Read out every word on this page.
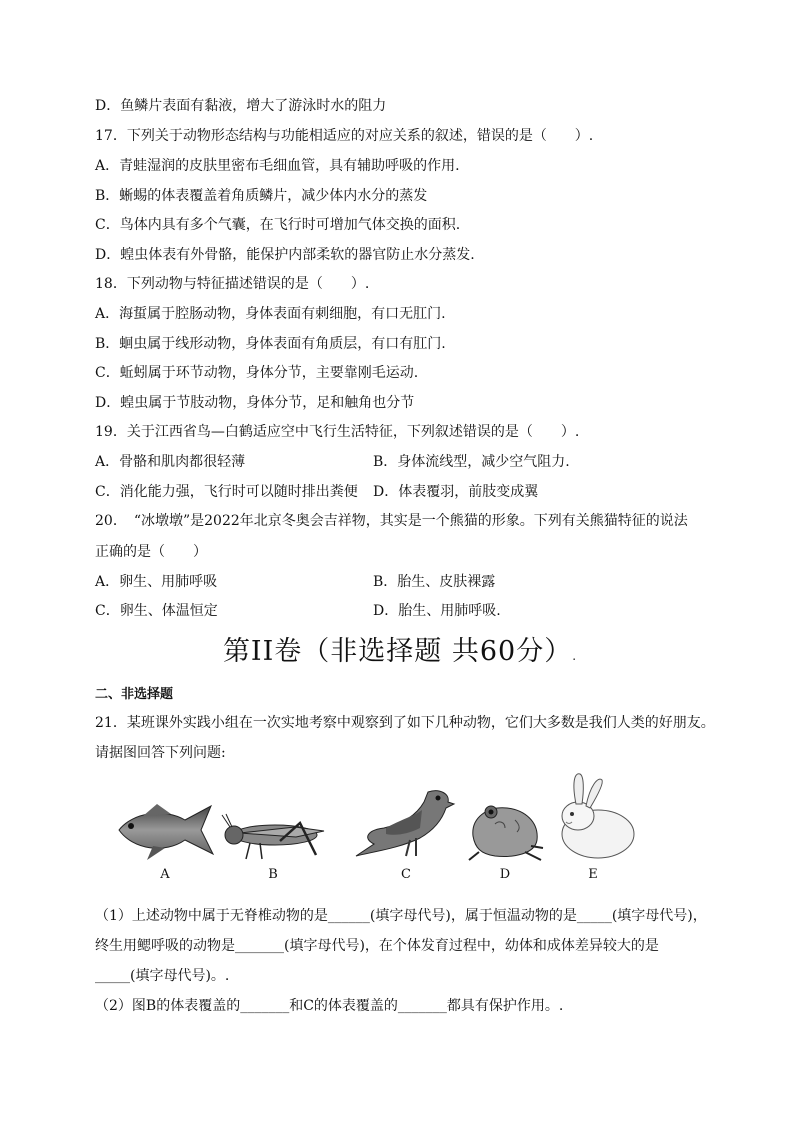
D．鱼鳞片表面有黏液，增大了游泳时水的阻力
17．下列关于动物形态结构与功能相适应的对应关系的叙述，错误的是（　　）.
A．青蛙湿润的皮肤里密布毛细血管，具有辅助呼吸的作用.
B．蜥蜴的体表覆盖着角质鳞片，减少体内水分的蒸发
C．鸟体内具有多个气囊，在飞行时可增加气体交换的面积.
D．蝗虫体表有外骨骼，能保护内部柔软的器官防止水分蒸发.
18．下列动物与特征描述错误的是（　　）.
A．海蜇属于腔肠动物，身体表面有刺细胞，有口无肛门.
B．蛔虫属于线形动物，身体表面有角质层，有口有肛门.
C．蚯蚓属于环节动物，身体分节，主要靠刚毛运动.
D．蝗虫属于节肢动物，身体分节，足和触角也分节
19．关于江西省鸟—白鹤适应空中飞行生活特征，下列叙述错误的是（　　）.
A．骨骼和肌肉都很轻薄	B．身体流线型，减少空气阻力.
C．消化能力强，飞行时可以随时排出粪便 D．体表覆羽，前肢变成翼
20．　“冰墩墩”是2022年北京冬奥会吉祥物，其实是一个熊猫的形象。下列有关熊猫特征的说法
正确的是（　　）
A．卵生、用肺呼吸	B．胎生、皮肤裸露
C．卵生、体温恒定	D．胎生、用肺呼吸.
第II卷（非选择题 共60分）.
二、非选择题
21．某班课外实践小组在一次实地考察中观察到了如下几种动物，它们大多数是我们人类的好朋友。
请据图回答下列问题:
A	B	C	D	E
（1）上述动物中属于无脊椎动物的是______(填字母代号)，属于恒温动物的是_____(填字母代号)，
终生用鳃呼吸的动物是_______(填字母代号)，在个体发育过程中，幼体和成体差异较大的是
_____(填字母代号)。.
（2）图B的体表覆盖的_______和C的体表覆盖的_______都具有保护作用。.
